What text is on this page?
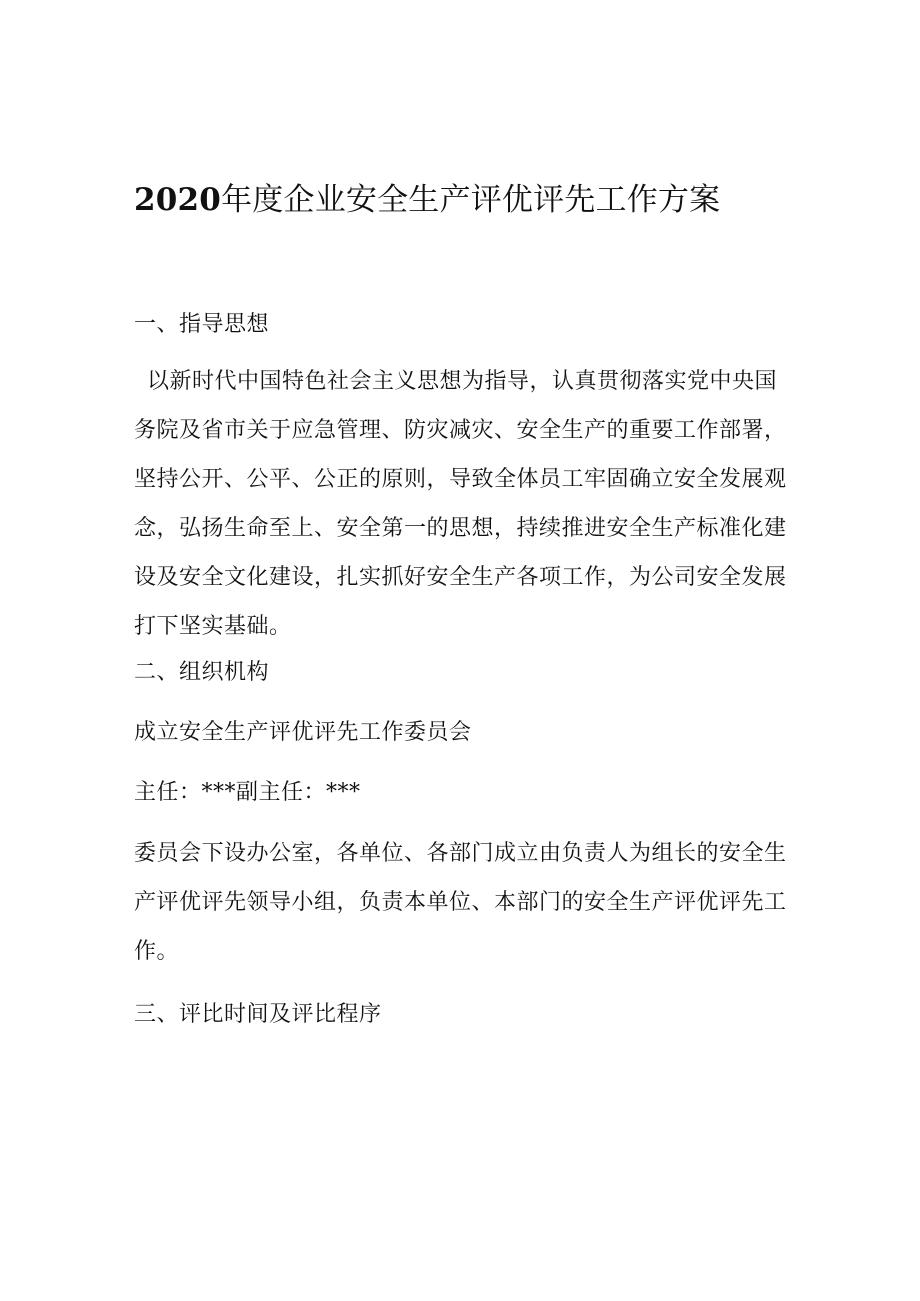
2020年度企业安全生产评优评先工作方案

一、指导思想

以新时代中国特色社会主义思想为指导，认真贯彻落实党中央国务院及省市关于应急管理、防灾减灾、安全生产的重要工作部署，坚持公开、公平、公正的原则，导致全体员工牢固确立安全发展观念，弘扬生命至上、安全第一的思想，持续推进安全生产标准化建设及安全文化建设，扎实抓好安全生产各项工作，为公司安全发展打下坚实基础。

二、组织机构

成立安全生产评优评先工作委员会

主任：***副主任：***

委员会下设办公室，各单位、各部门成立由负责人为组长的安全生产评优评先领导小组，负责本单位、本部门的安全生产评优评先工作。

三、评比时间及评比程序
